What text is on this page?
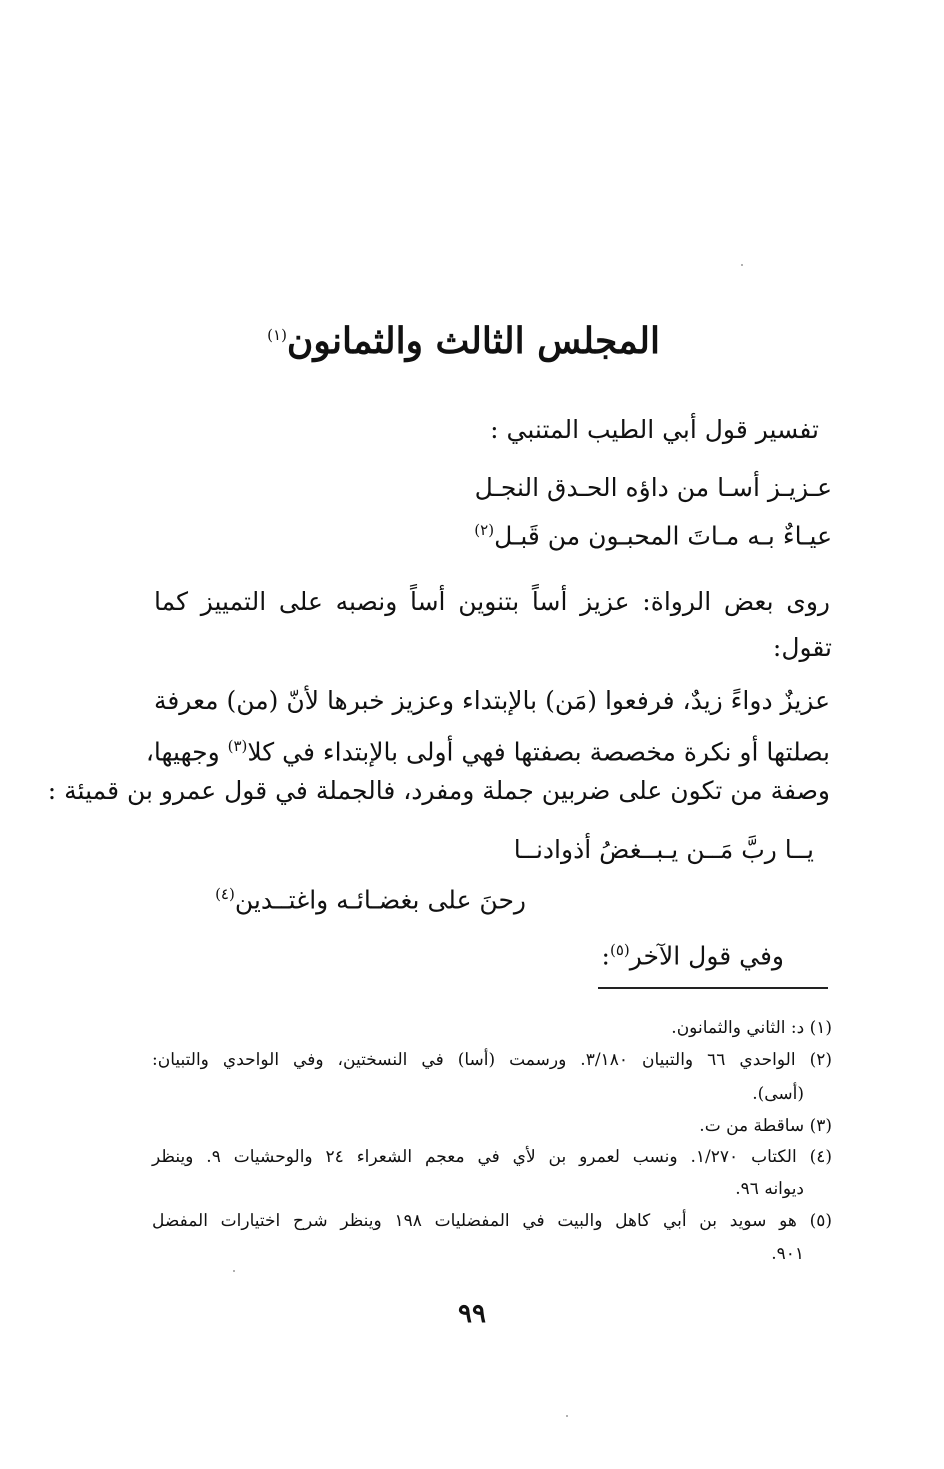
المجلس الثالث والثمانون$^{(١)}$
تفسير قول أبي الطيب المتنبي :
عـزيـز أسـا من داؤه الحـدق النجـل
عيـاءٌ بـه مـاتَ المحبـون من قَبـل$^{(٢)}$
روى بعض الرواة: عزيز أساً بتنوين أساً ونصبه على التمييز كما
تقول:
عزيزٌ دواءً زيدٌ، فرفعوا (مَن) بالإبتداء وعزيز خبرها لأنّ (من) معرفة
بصلتها أو نكرة مخصصة بصفتها فهي أولى بالإبتداء في كلا$^{(٣)}$ وجهيها،
وصفة من تكون على ضربين جملة ومفرد، فالجملة في قول عمرو بن قميئة :
يــا ربَّ مَــن يـبــغضُ أذوادنــا
رحنَ على بغضـائـه واغتــدين$^{(٤)}$
وفي قول الآخر$^{(٥)}$:
(١) د: الثاني والثمانون.
(٢) الواحدي ٦٦ والتبيان ٣/١٨٠. ورسمت (أسا) في النسختين، وفي الواحدي والتبيان:
(أسى).
(٣) ساقطة من ت.
(٤) الكتاب ١/٢٧٠. ونسب لعمرو بن لأي في معجم الشعراء ٢٤ والوحشيات ٩. وينظر
ديوانه ٩٦.
(٥) هو سويد بن أبي كاهل والبيت في المفضليات ١٩٨ وينظر شرح اختيارات المفضل
٩٠١.
٩٩
